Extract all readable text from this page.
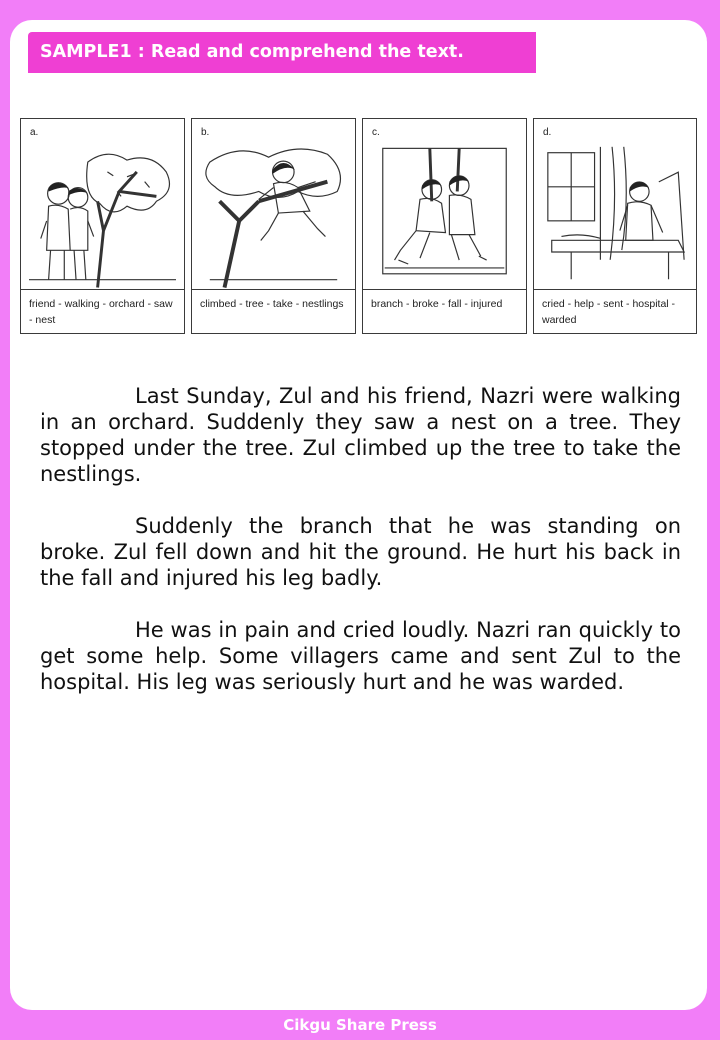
SAMPLE1 : Read and comprehend the text.
a.
friend - walking - orchard - saw - nest
b.
climbed - tree - take - nestlings
c.
branch - broke - fall - injured
d.
cried - help - sent - hospital - warded

Last Sunday, Zul and his friend, Nazri were walking in an orchard. Suddenly they saw a nest on a tree. They stopped under the tree. Zul climbed up the tree to take the nestlings.

Suddenly the branch that he was standing on broke. Zul fell down and hit the ground. He hurt his back in the fall and injured his leg badly.

He was in pain and cried loudly. Nazri ran quickly to get some help. Some villagers came and sent Zul to the hospital. His leg was seriously hurt and he was warded.

Cikgu Share Press
